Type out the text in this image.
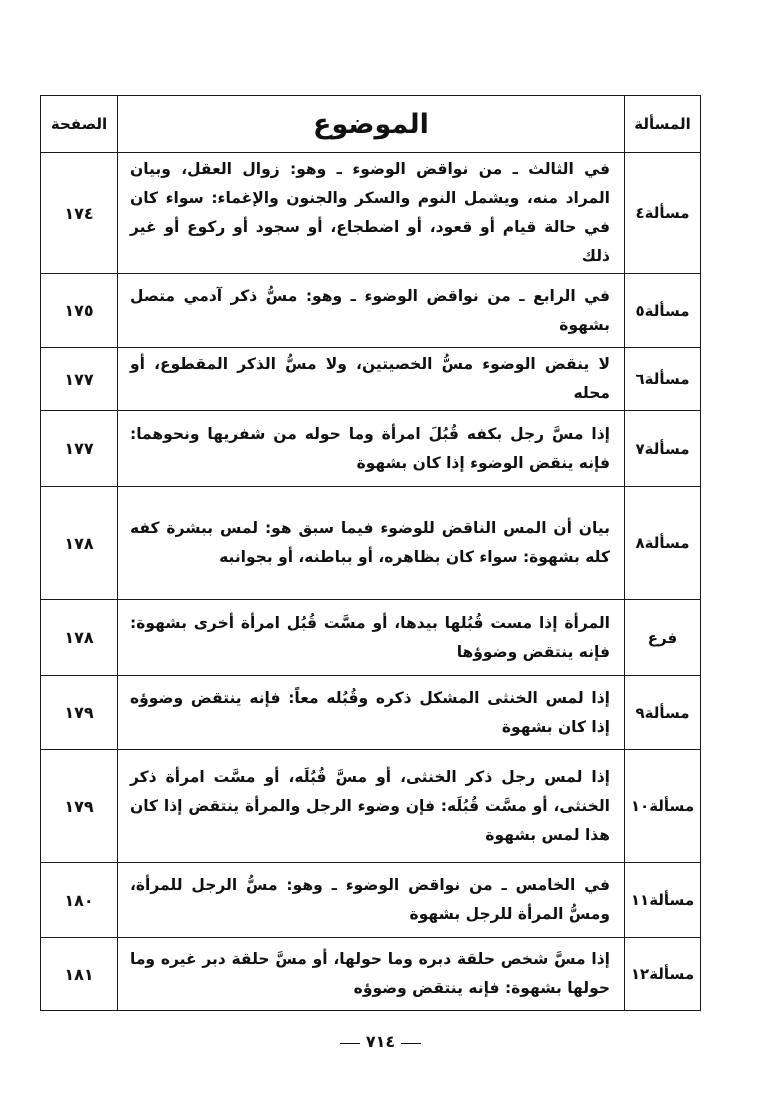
الصفحة	الموضوع	المسألة
١٧٤	في الثالث ـ من نواقض الوضوء ـ وهو: زوال العقل، وبيان المراد منه، ويشمل النوم والسكر والجنون والإغماء: سواء كان في حالة قيام أو قعود، أو اضطجاع، أو سجود أو ركوع أو غير ذلك	مسألة٤
١٧٥	في الرابع ـ من نواقض الوضوء ـ وهو: مسُّ ذكر آدمي متصل بشهوة	مسألة٥
١٧٧	لا ينقض الوضوء مسُّ الخصيتين، ولا مسُّ الذكر المقطوع، أو محله	مسألة٦
١٧٧	إذا مسَّ رجل بكفه قُبُلَ امرأة وما حوله من شفريها ونحوهما: فإنه ينقض الوضوء إذا كان بشهوة	مسألة٧
١٧٨	بيان أن المس الناقض للوضوء فيما سبق هو: لمس ببشرة كفه كله بشهوة: سواء كان بظاهره، أو بباطنه، أو بجوانبه	مسألة٨
١٧٨	المرأة إذا مست قُبُلها بيدها، أو مسَّت قُبُل امرأة أخرى بشهوة: فإنه ينتقض وضوؤها	فرع
١٧٩	إذا لمس الخنثى المشكل ذكره وقُبُله معاً: فإنه ينتقض وضوؤه إذا كان بشهوة	مسألة٩
١٧٩	إذا لمس رجل ذكر الخنثى، أو مسَّ قُبُلَه، أو مسَّت امرأة ذكر الخنثى، أو مسَّت قُبُلَه: فإن وضوء الرجل والمرأة ينتقض إذا كان هذا لمس بشهوة	مسألة١٠
١٨٠	في الخامس ـ من نواقض الوضوء ـ وهو: مسُّ الرجل للمرأة، ومسُّ المرأة للرجل بشهوة	مسألة١١
١٨١	إذا مسَّ شخص حلقة دبره وما حولها، أو مسَّ حلقة دبر غيره وما حولها بشهوة: فإنه ينتقض وضوؤه	مسألة١٢
٧١٤
